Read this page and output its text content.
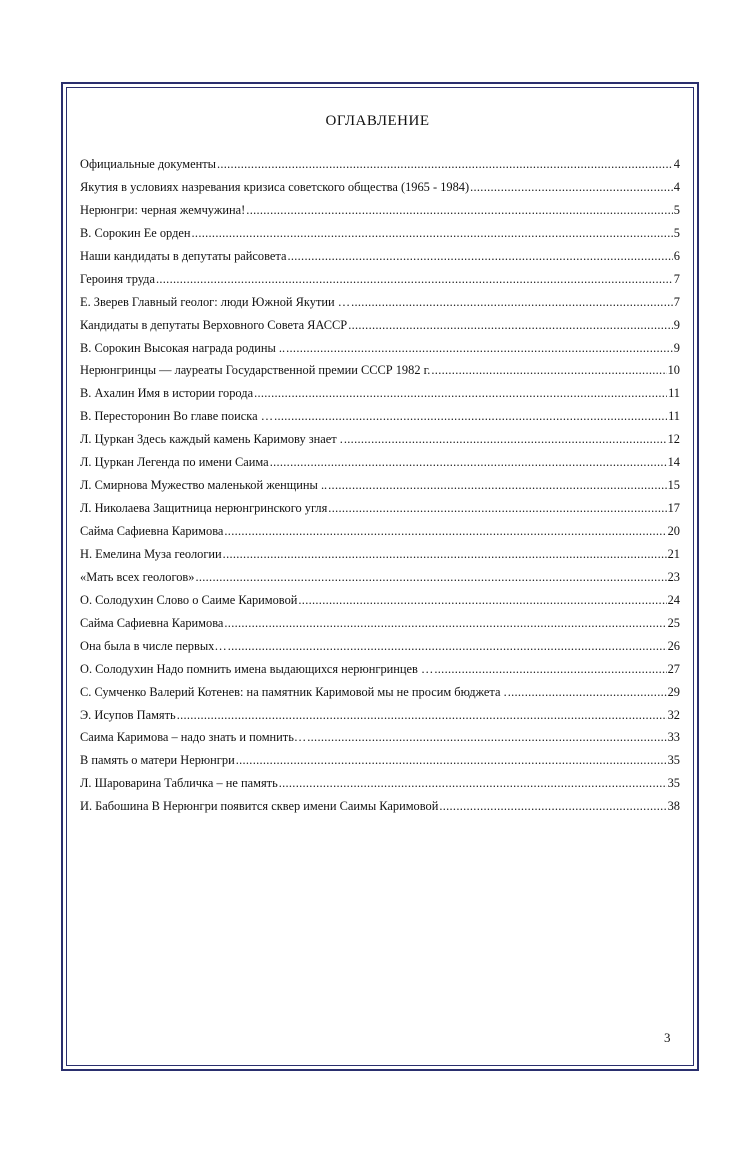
ОГЛАВЛЕНИЕ
Официальные документы .....	4
Якутия в условиях назревания кризиса советского общества (1965 - 1984) .....	4
Нерюнгри: черная жемчужина! .....	5
В. Сорокин Ее орден .....	5
Наши кандидаты в депутаты райсовета .....	6
Героиня труда .....	7
Е. Зверев Главный геолог: люди Южной Якутии … .....	7
Кандидаты в депутаты Верховного Совета ЯАССР .....	9
В. Сорокин Высокая награда родины .. .....	9
Нерюнгринцы — лауреаты Государственной премии СССР 1982 г. .....	10
В. Ахалин Имя в истории города .....	11
В. Пересторонин Во главе поиска … .....	11
Л. Цуркан Здесь каждый камень Каримову знает . .....	12
Л. Цуркан Легенда по имени Саима .....	14
Л. Смирнова Мужество маленькой женщины .. .....	15
Л. Николаева Защитница нерюнгринского угля .....	17
Сайма Сафиевна Каримова .....	20
Н. Емелина Муза геологии .....	21
«Мать всех геологов» .....	23
О. Солодухин Слово о Саиме Каримовой .....	24
Сайма Сафиевна Каримова .....	25
Она была в числе первых… .....	26
О. Солодухин Надо помнить имена выдающихся нерюнгринцев … .....	27
С. Сумченко Валерий Котенев: на памятник Каримовой мы не просим бюджета . .....	29
Э. Исупов Память .....	32
Саима Каримова – надо знать и помнить… .....	33
В память о матери Нерюнгри .....	35
Л. Шароварина Табличка – не память .....	35
И. Бабошина В Нерюнгри появится сквер имени Саимы Каримовой .....	38
3
